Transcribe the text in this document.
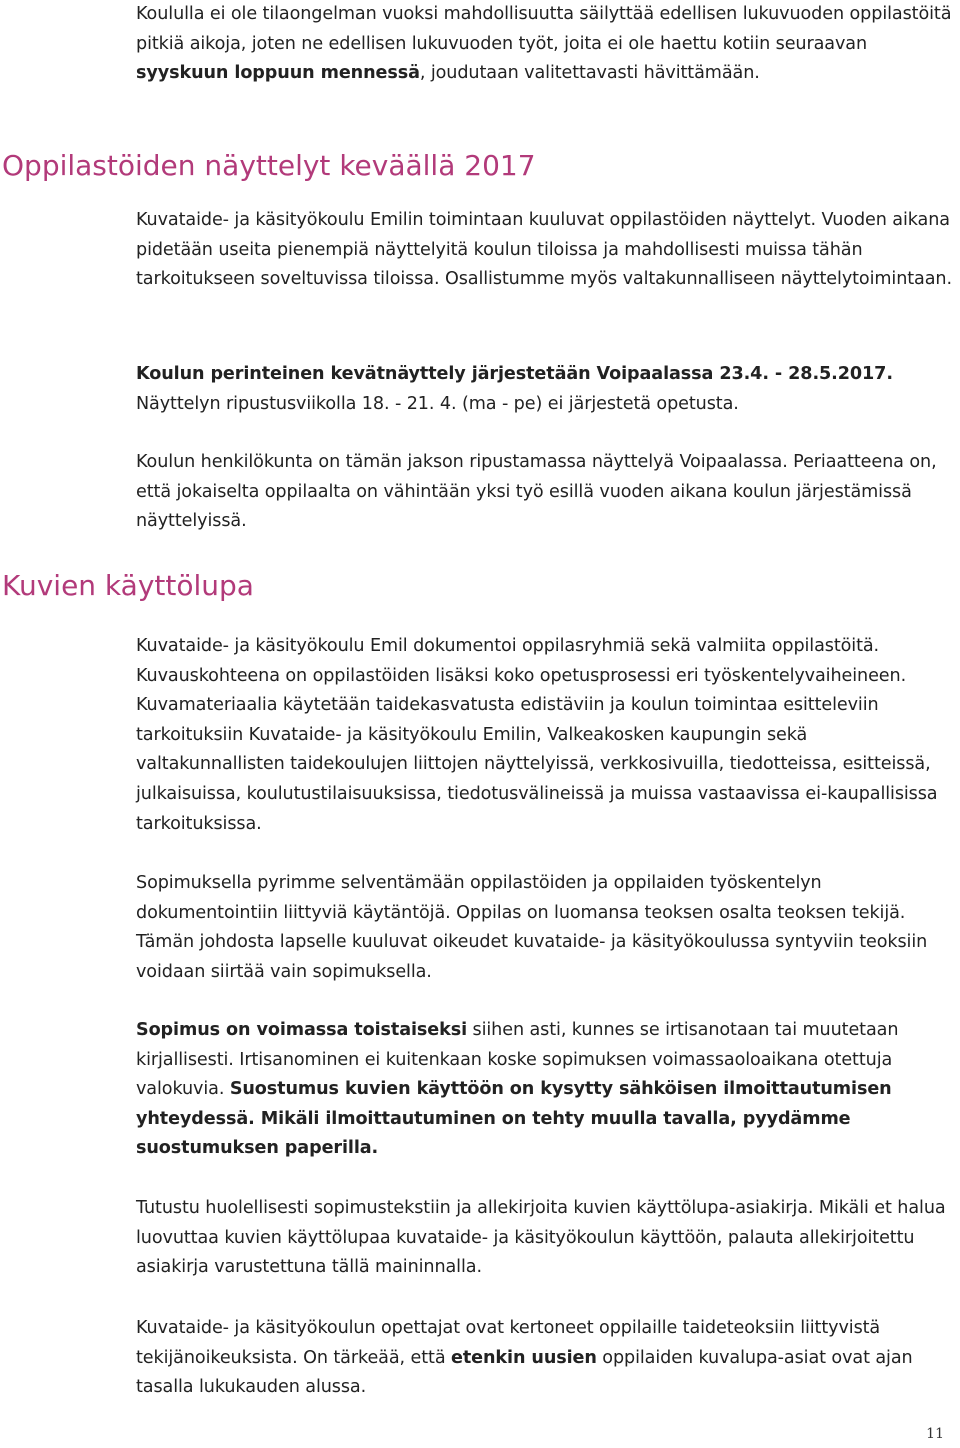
Koululla ei ole tilaongelman vuoksi mahdollisuutta säilyttää edellisen lukuvuoden oppilastöitä pitkiä aikoja, joten ne edellisen lukuvuoden työt, joita ei ole haettu kotiin seuraavan syyskuun loppuun mennessä, joudutaan valitettavasti hävittämään.

Oppilastöiden näyttelyt keväällä 2017

Kuvataide- ja käsityökoulu Emilin toimintaan kuuluvat oppilastöiden näyttelyt. Vuoden aikana pidetään useita pienempiä näyttelyitä koulun tiloissa ja mahdollisesti muissa tähän tarkoitukseen soveltuvissa tiloissa. Osallistumme myös valtakunnalliseen näyttelytoimintaan.

Koulun perinteinen kevätnäyttely järjestetään Voipaalassa 23.4. - 28.5.2017.
Näyttelyn ripustusviikolla 18. - 21. 4. (ma - pe) ei järjestetä opetusta.

Koulun henkilökunta on tämän jakson ripustamassa näyttelyä Voipaalassa. Periaatteena on, että jokaiselta oppilaalta on vähintään yksi työ esillä vuoden aikana koulun järjestämissä näyttelyissä.

Kuvien käyttölupa

Kuvataide- ja käsityökoulu Emil dokumentoi oppilasryhmiä sekä valmiita oppilastöitä. Kuvauskohteena on oppilastöiden lisäksi koko opetusprosessi eri työskentelyvaiheineen. Kuvamateriaalia käytetään taidekasvatusta edistäviin ja koulun toimintaa esitteleviin tarkoituksiin Kuvataide- ja käsityökoulu Emilin, Valkeakosken kaupungin sekä valtakunnallisten taidekoulujen liittojen näyttelyissä, verkkosivuilla, tiedotteissa, esitteissä, julkaisuissa, koulutustilaisuuksissa, tiedotusvälineissä ja muissa vastaavissa ei-kaupallisissa tarkoituksissa.

Sopimuksella pyrimme selventämään oppilastöiden ja oppilaiden työskentelyn dokumentointiin liittyviä käytäntöjä. Oppilas on luomansa teoksen osalta teoksen tekijä. Tämän johdosta lapselle kuuluvat oikeudet kuvataide- ja käsityökoulussa syntyviin teoksiin voidaan siirtää vain sopimuksella.

Sopimus on voimassa toistaiseksi siihen asti, kunnes se irtisanotaan tai muutetaan kirjallisesti. Irtisanominen ei kuitenkaan koske sopimuksen voimassaoloaikana otettuja valokuvia. Suostumus kuvien käyttöön on kysytty sähköisen ilmoittautumisen yhteydessä. Mikäli ilmoittautuminen on tehty muulla tavalla, pyydämme suostumuksen paperilla.

Tutustu huolellisesti sopimustekstiin ja allekirjoita kuvien käyttölupa-asiakirja. Mikäli et halua luovuttaa kuvien käyttölupaa kuvataide- ja käsityökoulun käyttöön, palauta allekirjoitettu asiakirja varustettuna tällä maininnalla.

Kuvataide- ja käsityökoulun opettajat ovat kertoneet oppilaille taideteoksiin liittyvistä tekijänoikeuksista. On tärkeää, että etenkin uusien oppilaiden kuvalupa-asiat ovat ajan tasalla lukukauden alussa.

11
